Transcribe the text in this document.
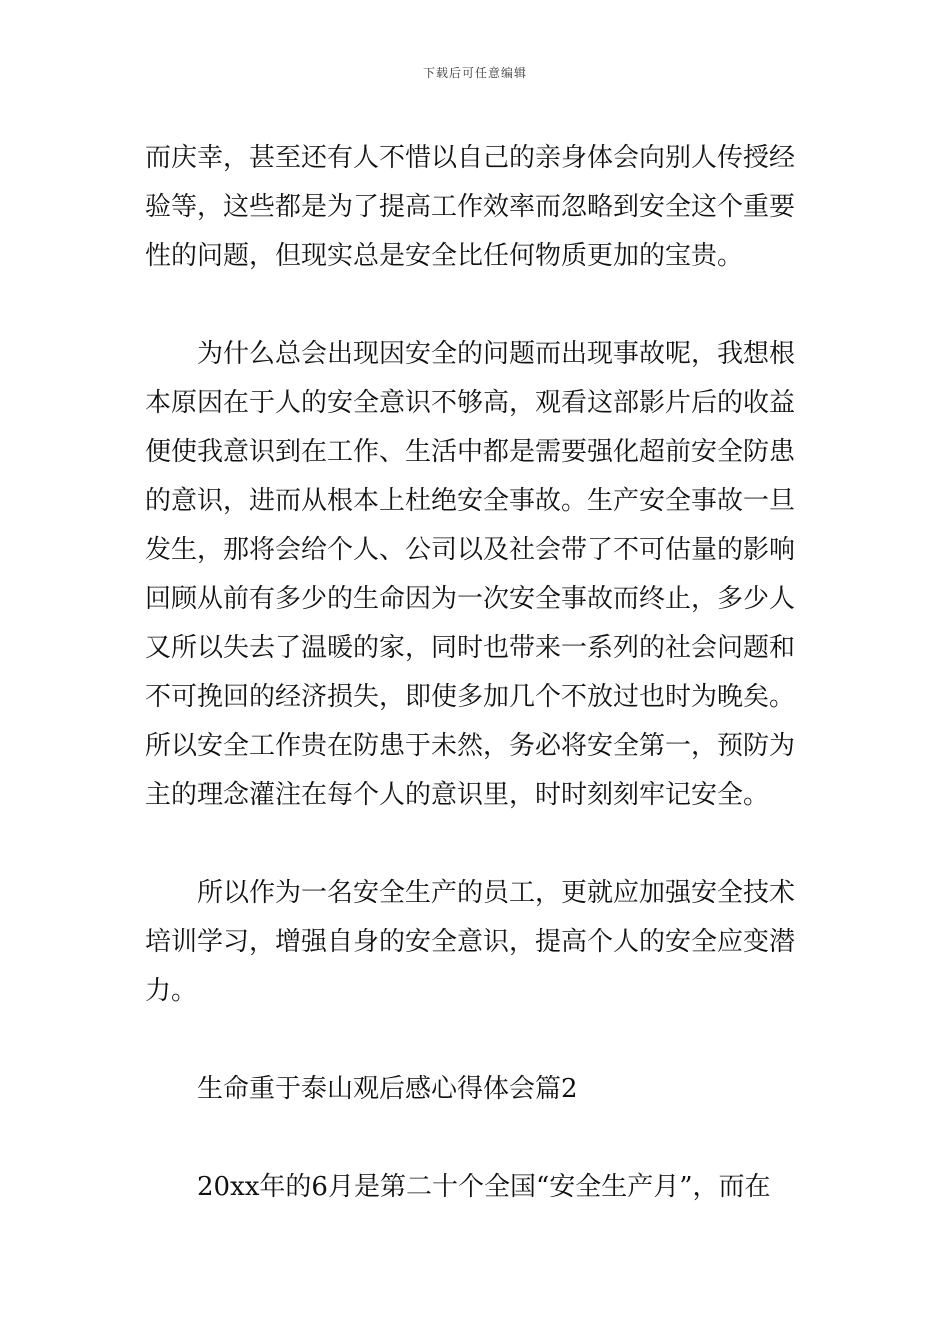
下载后可任意编辑
而庆幸，甚至还有人不惜以自己的亲身体会向别人传授经
验等，这些都是为了提高工作效率而忽略到安全这个重要
性的问题，但现实总是安全比任何物质更加的宝贵。
为什么总会出现因安全的问题而出现事故呢，我想根
本原因在于人的安全意识不够高，观看这部影片后的收益
便使我意识到在工作、生活中都是需要强化超前安全防患
的意识，进而从根本上杜绝安全事故。生产安全事故一旦
发生，那将会给个人、公司以及社会带了不可估量的影响
回顾从前有多少的生命因为一次安全事故而终止，多少人
又所以失去了温暖的家，同时也带来一系列的社会问题和
不可挽回的经济损失，即使多加几个不放过也时为晚矣。
所以安全工作贵在防患于未然，务必将安全第一，预防为
主的理念灌注在每个人的意识里，时时刻刻牢记安全。
所以作为一名安全生产的员工，更就应加强安全技术
培训学习，增强自身的安全意识，提高个人的安全应变潜
力。
生命重于泰山观后感心得体会篇2
20xx年的6月是第二十个全国“安全生产月”，而在
